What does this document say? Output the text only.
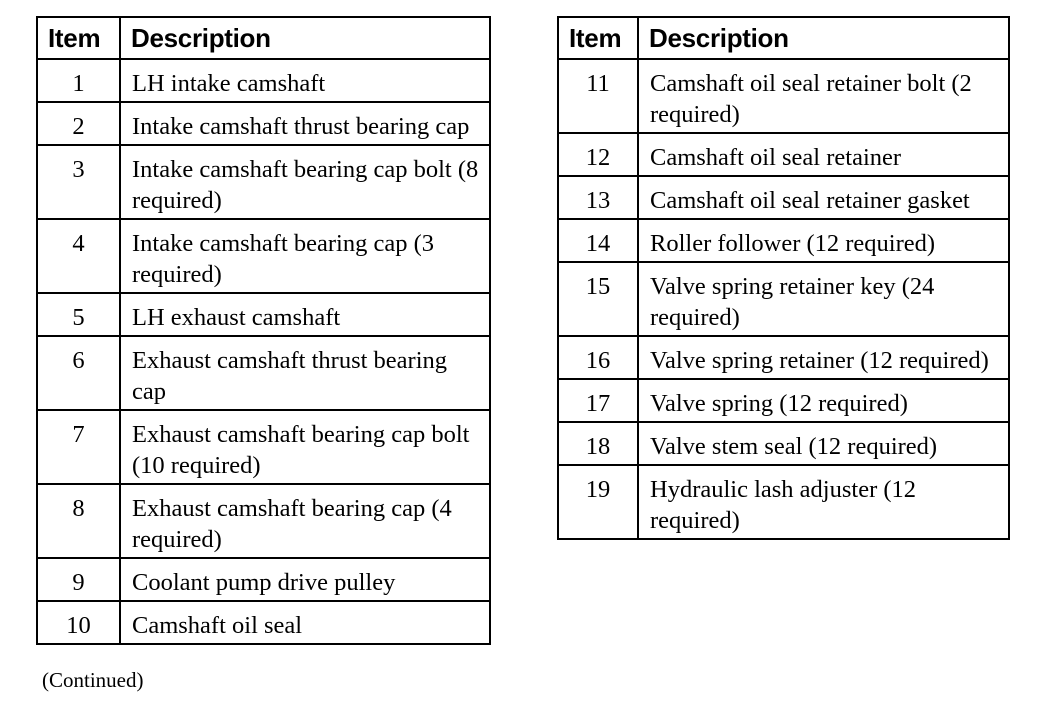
Item	Description
1	LH intake camshaft
2	Intake camshaft thrust bearing cap
3	Intake camshaft bearing cap bolt (8 required)
4	Intake camshaft bearing cap (3 required)
5	LH exhaust camshaft
6	Exhaust camshaft thrust bearing cap
7	Exhaust camshaft bearing cap bolt (10 required)
8	Exhaust camshaft bearing cap (4 required)
9	Coolant pump drive pulley
10	Camshaft oil seal
(Continued)
Item	Description
11	Camshaft oil seal retainer bolt (2 required)
12	Camshaft oil seal retainer
13	Camshaft oil seal retainer gasket
14	Roller follower (12 required)
15	Valve spring retainer key (24 required)
16	Valve spring retainer (12 required)
17	Valve spring (12 required)
18	Valve stem seal (12 required)
19	Hydraulic lash adjuster (12 required)
